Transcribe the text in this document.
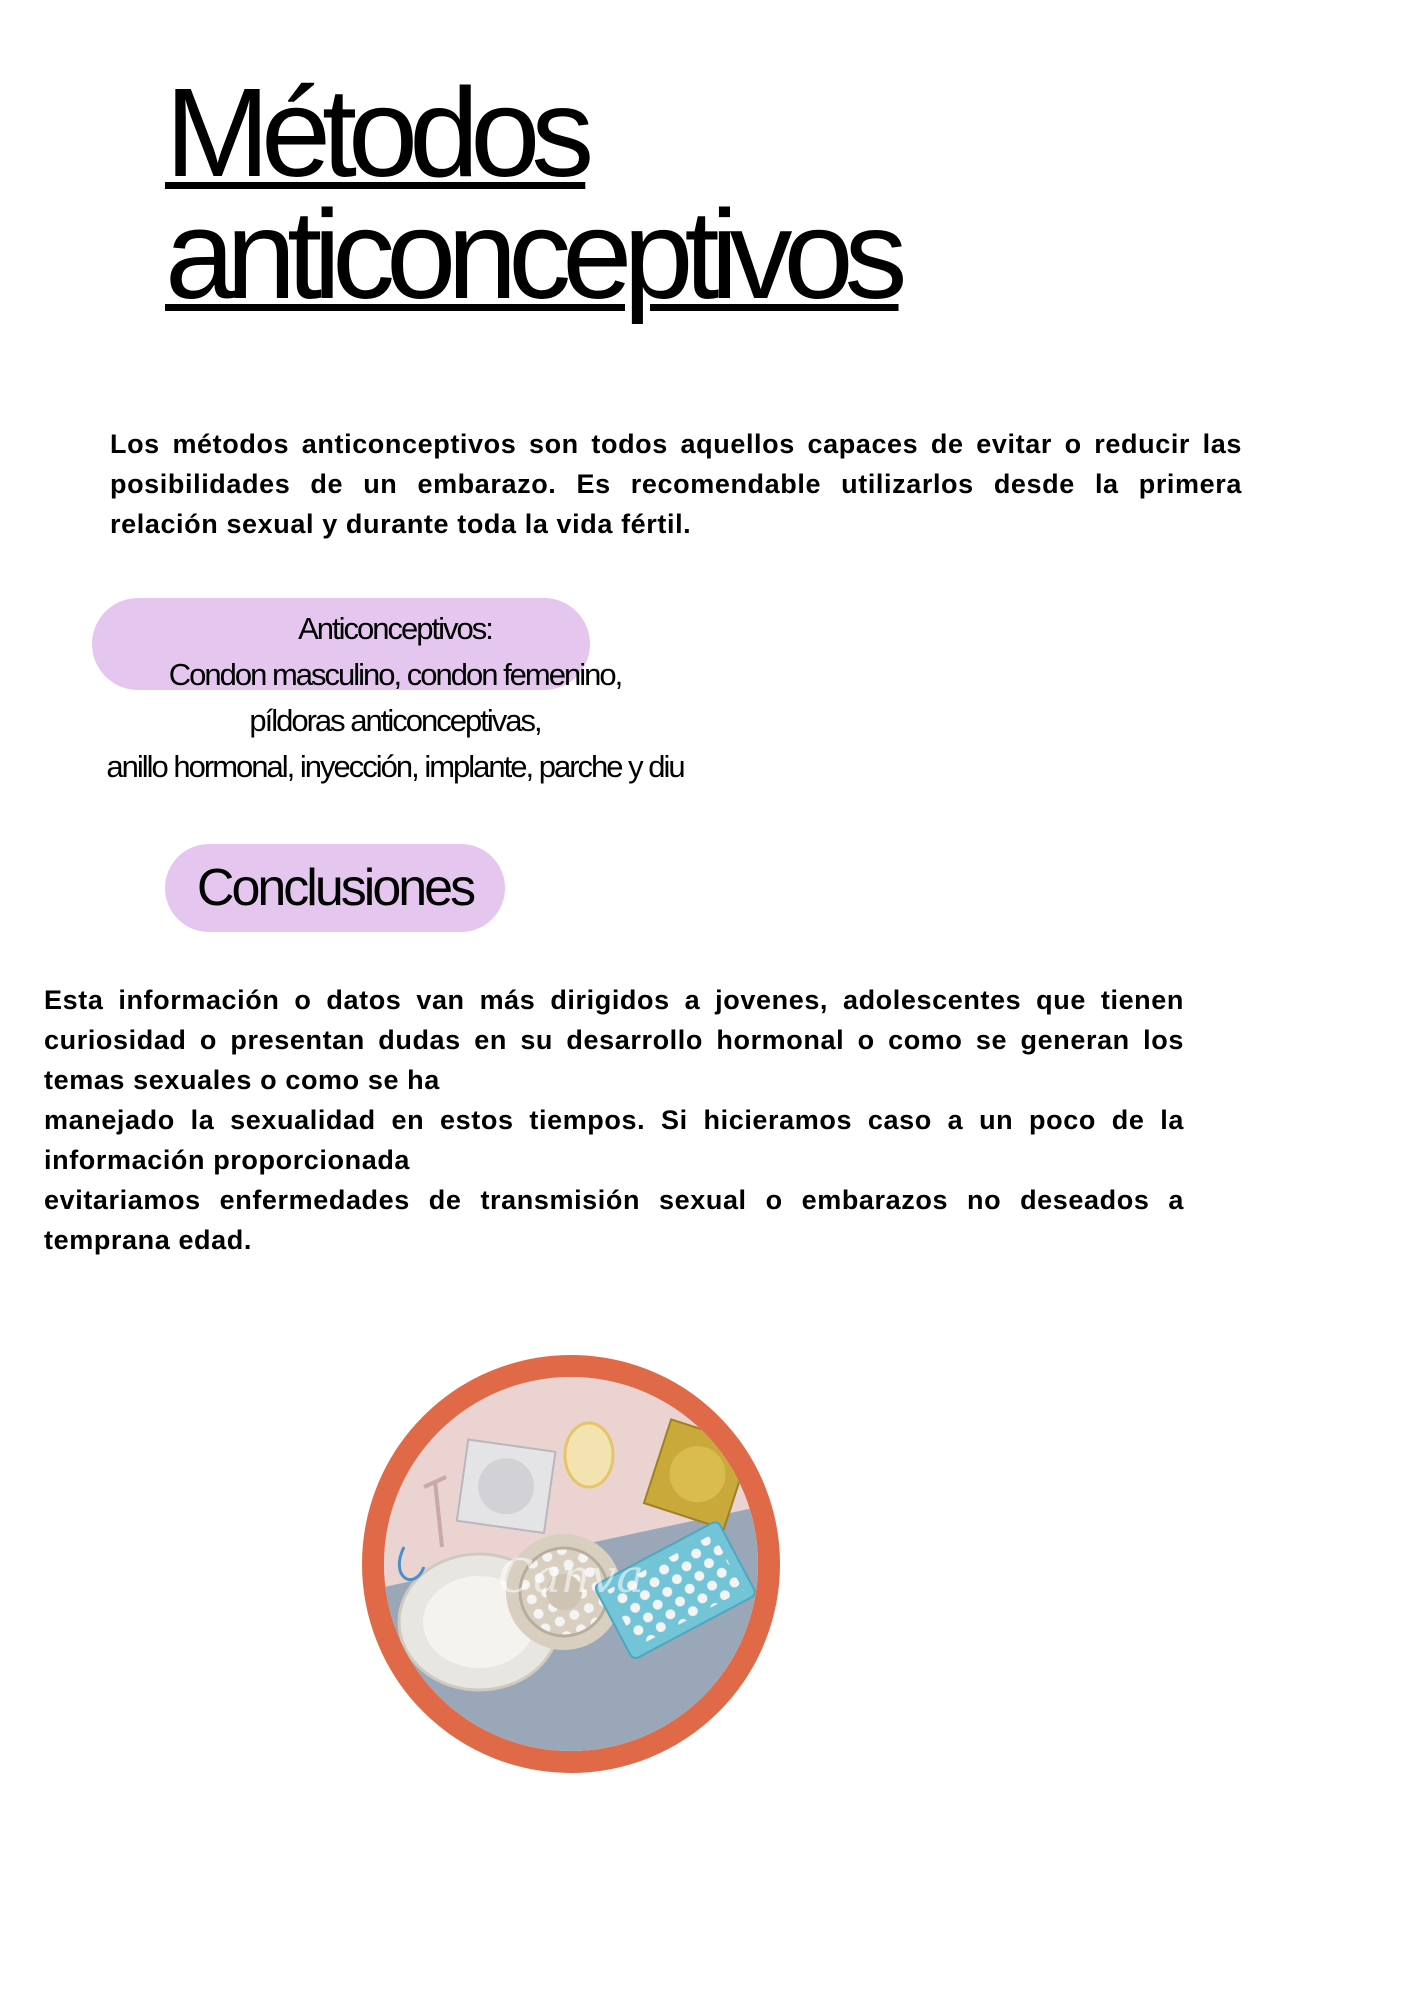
Métodos
anticonceptivos

Los métodos anticonceptivos son todos aquellos capaces de evitar o reducir las posibilidades de un embarazo. Es recomendable utilizarlos desde la primera relación sexual y durante toda la vida fértil.

Anticonceptivos:
Condon masculino, condon femenino,
píldoras anticonceptivas,
anillo hormonal, inyección, implante, parche y diu
Conclusiones
Esta información o datos van más dirigidos a jovenes, adolescentes que tienen curiosidad o presentan dudas en su desarrollo hormonal o como se generan los temas sexuales o como se ha
manejado la sexualidad en estos tiempos. Si hicieramos caso a un poco de la información proporcionada
evitariamos enfermedades de transmisión sexual o embarazos no deseados a temprana edad.
Canva
